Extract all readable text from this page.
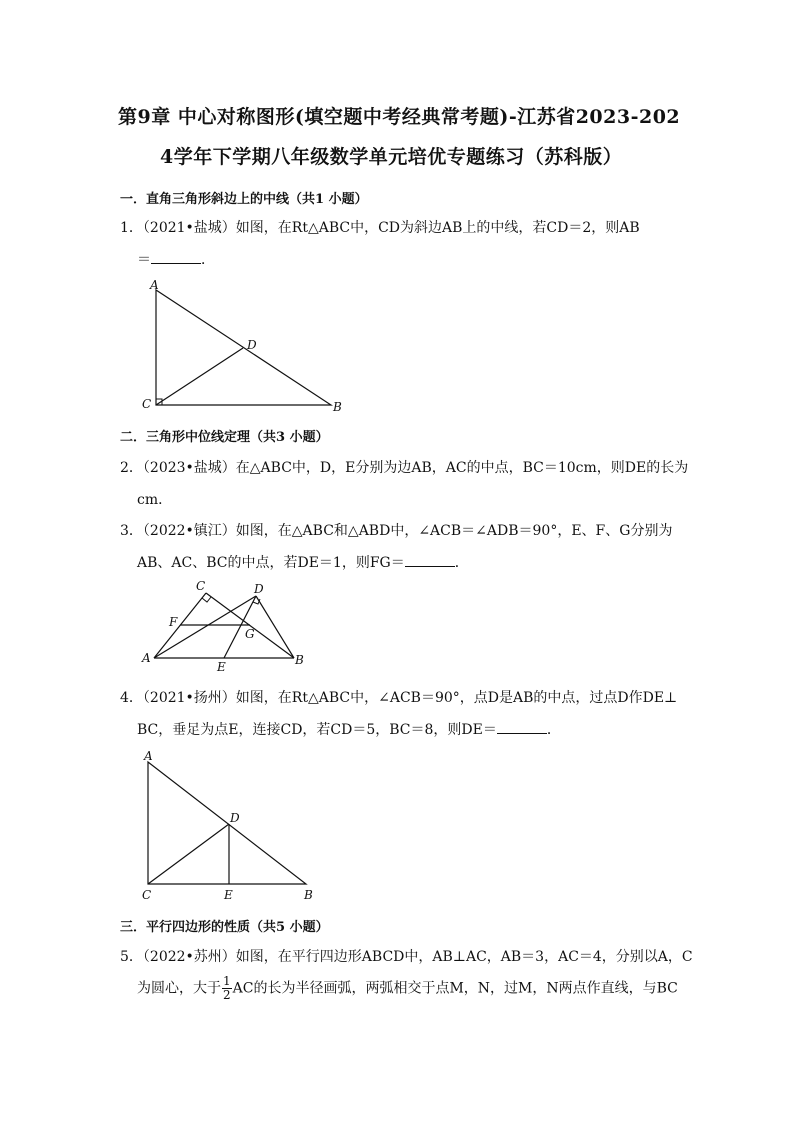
第9章 中心对称图形(填空题中考经典常考题)-江苏省2023-202
4学年下学期八年级数学单元培优专题练习（苏科版）
一．直角三角形斜边上的中线（共1 小题）
1．（2021•盐城）如图，在Rt△ABC中，CD为斜边AB上的中线，若CD＝2，则AB
＝	．
A
D
C	B
二．三角形中位线定理（共3 小题）
2．（2023•盐城）在△ABC中，D，E分别为边AB，AC的中点，BC＝10cm，则DE的长为
cm．
3．（2022•镇江）如图，在△ABC和△ABD中，∠ACB＝∠ADB＝90°，E、F、G分别为
AB、AC、BC的中点，若DE＝1，则FG＝	．
C	D
F
G
A
E	B
4．（2021•扬州）如图，在Rt△ABC中，∠ACB＝90°，点D是AB的中点，过点D作DE⊥
BC，垂足为点E，连接CD，若CD＝5，BC＝8，则DE＝	．
A
D
C	E	B
三．平行四边形的性质（共5 小题）
5．（2022•苏州）如图，在平行四边形ABCD中，AB⊥AC，AB＝3，AC＝4，分别以A，C
为圆心，大于 $\frac{1}{2}$ AC的长为半径画弧，两弧相交于点M，N，过M，N两点作直线，与BC
